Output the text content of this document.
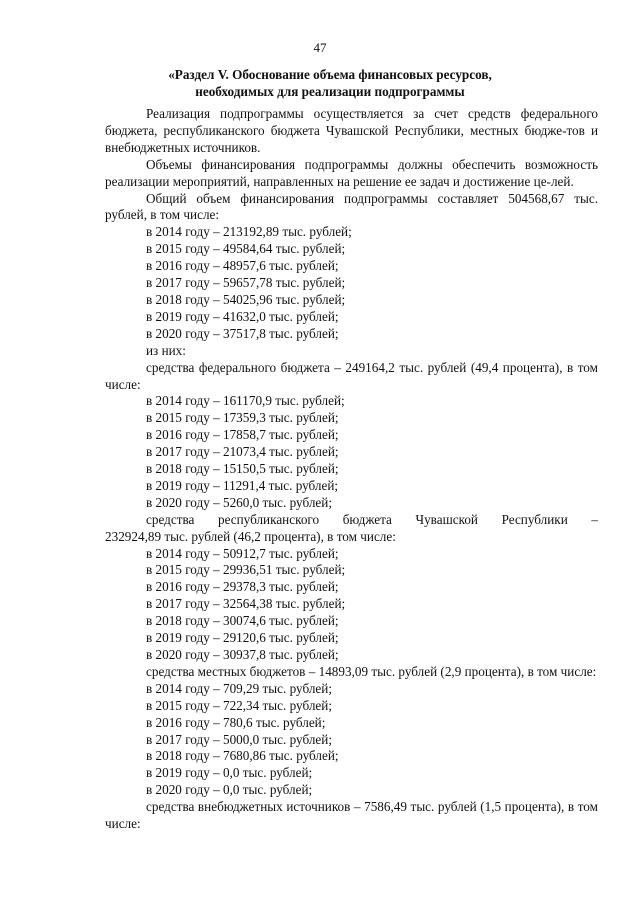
47
«Раздел V. Обоснование объема финансовых ресурсов,
необходимых для реализации подпрограммы

Реализация подпрограммы осуществляется за счет средств федерального бюджета, республиканского бюджета Чувашской Республики, местных бюдже-тов и внебюджетных источников.

Объемы финансирования подпрограммы должны обеспечить возможность реализации мероприятий, направленных на решение ее задач и достижение це-лей.

Общий объем финансирования подпрограммы составляет 504568,67 тыс. рублей, в том числе:

в 2014 году – 213192,89 тыс. рублей;

в 2015 году – 49584,64 тыс. рублей;

в 2016 году – 48957,6 тыс. рублей;

в 2017 году – 59657,78 тыс. рублей;

в 2018 году – 54025,96 тыс. рублей;

в 2019 году – 41632,0 тыс. рублей;

в 2020 году – 37517,8 тыс. рублей;

из них:

средства федерального бюджета – 249164,2 тыс. рублей (49,4 процента), в том числе:

в 2014 году – 161170,9 тыс. рублей;

в 2015 году – 17359,3 тыс. рублей;

в 2016 году – 17858,7 тыс. рублей;

в 2017 году – 21073,4 тыс. рублей;

в 2018 году – 15150,5 тыс. рублей;

в 2019 году – 11291,4 тыс. рублей;

в 2020 году – 5260,0 тыс. рублей;

средства республиканского бюджета Чувашской Республики –

232924,89 тыс. рублей (46,2 процента), в том числе:

в 2014 году – 50912,7 тыс. рублей;

в 2015 году – 29936,51 тыс. рублей;

в 2016 году – 29378,3 тыс. рублей;

в 2017 году – 32564,38 тыс. рублей;

в 2018 году – 30074,6 тыс. рублей;

в 2019 году – 29120,6 тыс. рублей;

в 2020 году – 30937,8 тыс. рублей;

средства местных бюджетов – 14893,09 тыс. рублей (2,9 процента), в том числе:

в 2014 году – 709,29 тыс. рублей;

в 2015 году – 722,34 тыс. рублей;

в 2016 году – 780,6 тыс. рублей;

в 2017 году – 5000,0 тыс. рублей;

в 2018 году – 7680,86 тыс. рублей;

в 2019 году – 0,0 тыс. рублей;

в 2020 году – 0,0 тыс. рублей;

средства внебюджетных источников – 7586,49 тыс. рублей (1,5 процента), в том числе:
